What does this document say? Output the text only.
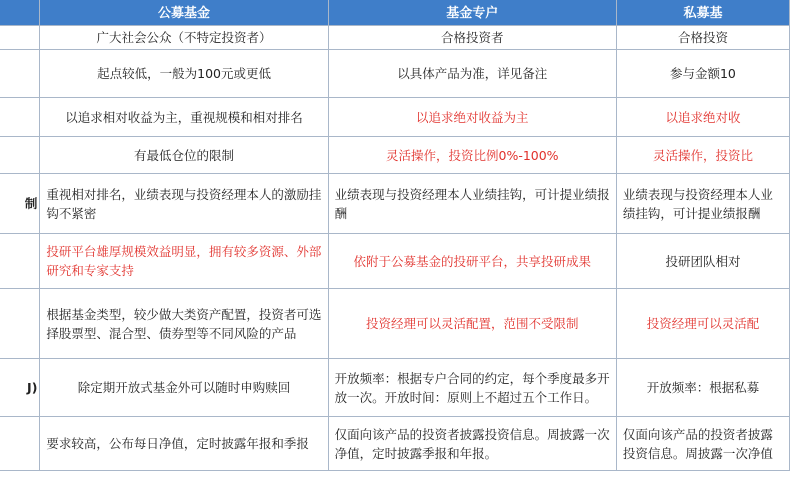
	公募基金	基金专户	私募基
	广大社会公众（不特定投资者）	合格投资者	合格投资
	起点较低，一般为100元或更低	以具体产品为准，详见备注	参与金额10
	以追求相对收益为主，重视规模和相对排名	以追求绝对收益为主	以追求绝对收
	有最低仓位的限制	灵活操作，投资比例0%-100%	灵活操作，投资比
制	重视相对排名，业绩表现与投资经理本人的激励挂钩不紧密	业绩表现与投资经理本人业绩挂钩，可计提业绩报酬	业绩表现与投资经理本人业绩挂钩，可计提业绩报酬
	投研平台雄厚规模效益明显，拥有较多资源、外部研究和专家支持	依附于公募基金的投研平台，共享投研成果	投研团队相对
	根据基金类型，较少做大类资产配置，投资者可选择股票型、混合型、债券型等不同风险的产品	投资经理可以灵活配置，范围不受限制	投资经理可以灵活配
J)	除定期开放式基金外可以随时申购赎回	开放频率：根据专户合同的约定，每个季度最多开放一次。开放时间：原则上不超过五个工作日。	开放频率：根据私募
	要求较高，公布每日净值，定时披露年报和季报	仅面向该产品的投资者披露投资信息。周披露一次净值，定时披露季报和年报。	仅面向该产品的投资者披露投资信息。周披露一次净值
